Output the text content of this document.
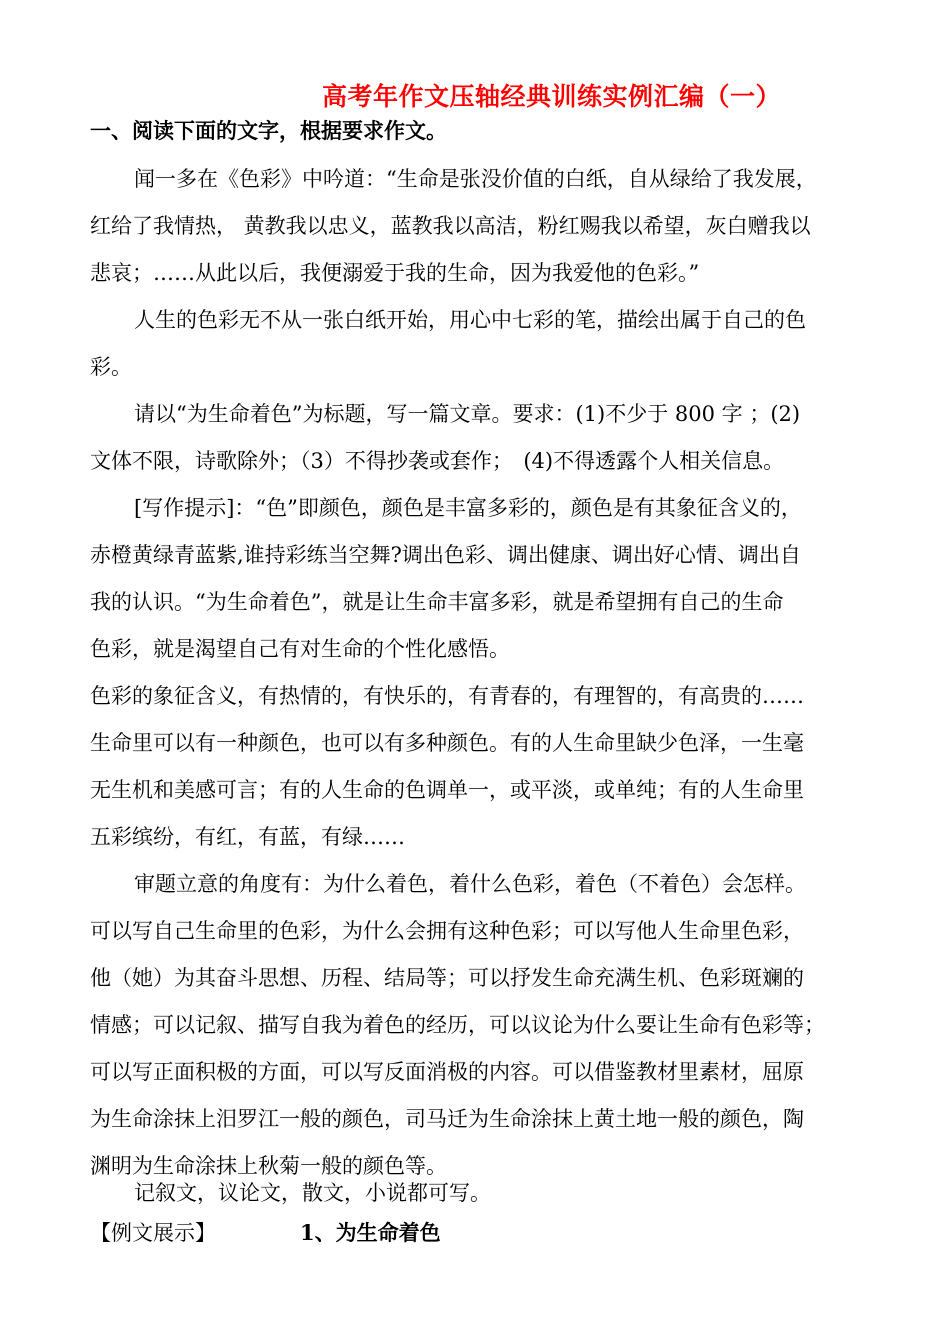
高考年作文压轴经典训练实例汇编（一）
一、阅读下面的文字，根据要求作文。
闻一多在《色彩》中吟道：“生命是张没价值的白纸，自从绿给了我发展，
红给了我情热， 黄教我以忠义，蓝教我以高洁，粉红赐我以希望，灰白赠我以
悲哀；……从此以后，我便溺爱于我的生命，因为我爱他的色彩。”
人生的色彩无不从一张白纸开始，用心中七彩的笔，描绘出属于自己的色
彩。
请以“为生命着色”为标题，写一篇文章。要求：(1)不少于 800 字 ；(2)
文体不限，诗歌除外；（3）不得抄袭或套作；　(4)不得透露个人相关信息。
[写作提示]：“色”即颜色，颜色是丰富多彩的，颜色是有其象征含义的，
赤橙黄绿青蓝紫,谁持彩练当空舞?调出色彩、调出健康、调出好心情、调出自
我的认识。“为生命着色”，就是让生命丰富多彩，就是希望拥有自己的生命
色彩，就是渴望自己有对生命的个性化感悟。
色彩的象征含义，有热情的，有快乐的，有青春的，有理智的，有高贵的……
生命里可以有一种颜色，也可以有多种颜色。有的人生命里缺少色泽，一生毫
无生机和美感可言；有的人生命的色调单一，或平淡，或单纯；有的人生命里
五彩缤纷，有红，有蓝，有绿……
审题立意的角度有：为什么着色，着什么色彩，着色（不着色）会怎样。
可以写自己生命里的色彩，为什么会拥有这种色彩；可以写他人生命里色彩，
他（她）为其奋斗思想、历程、结局等；可以抒发生命充满生机、色彩斑斓的
情感；可以记叙、描写自我为着色的经历，可以议论为什么要让生命有色彩等；
可以写正面积极的方面，可以写反面消极的内容。可以借鉴教材里素材，屈原
为生命涂抹上汨罗江一般的颜色，司马迁为生命涂抹上黄土地一般的颜色，陶
渊明为生命涂抹上秋菊一般的颜色等。
记叙文，议论文，散文，小说都可写。
【例文展示】	1、为生命着色
